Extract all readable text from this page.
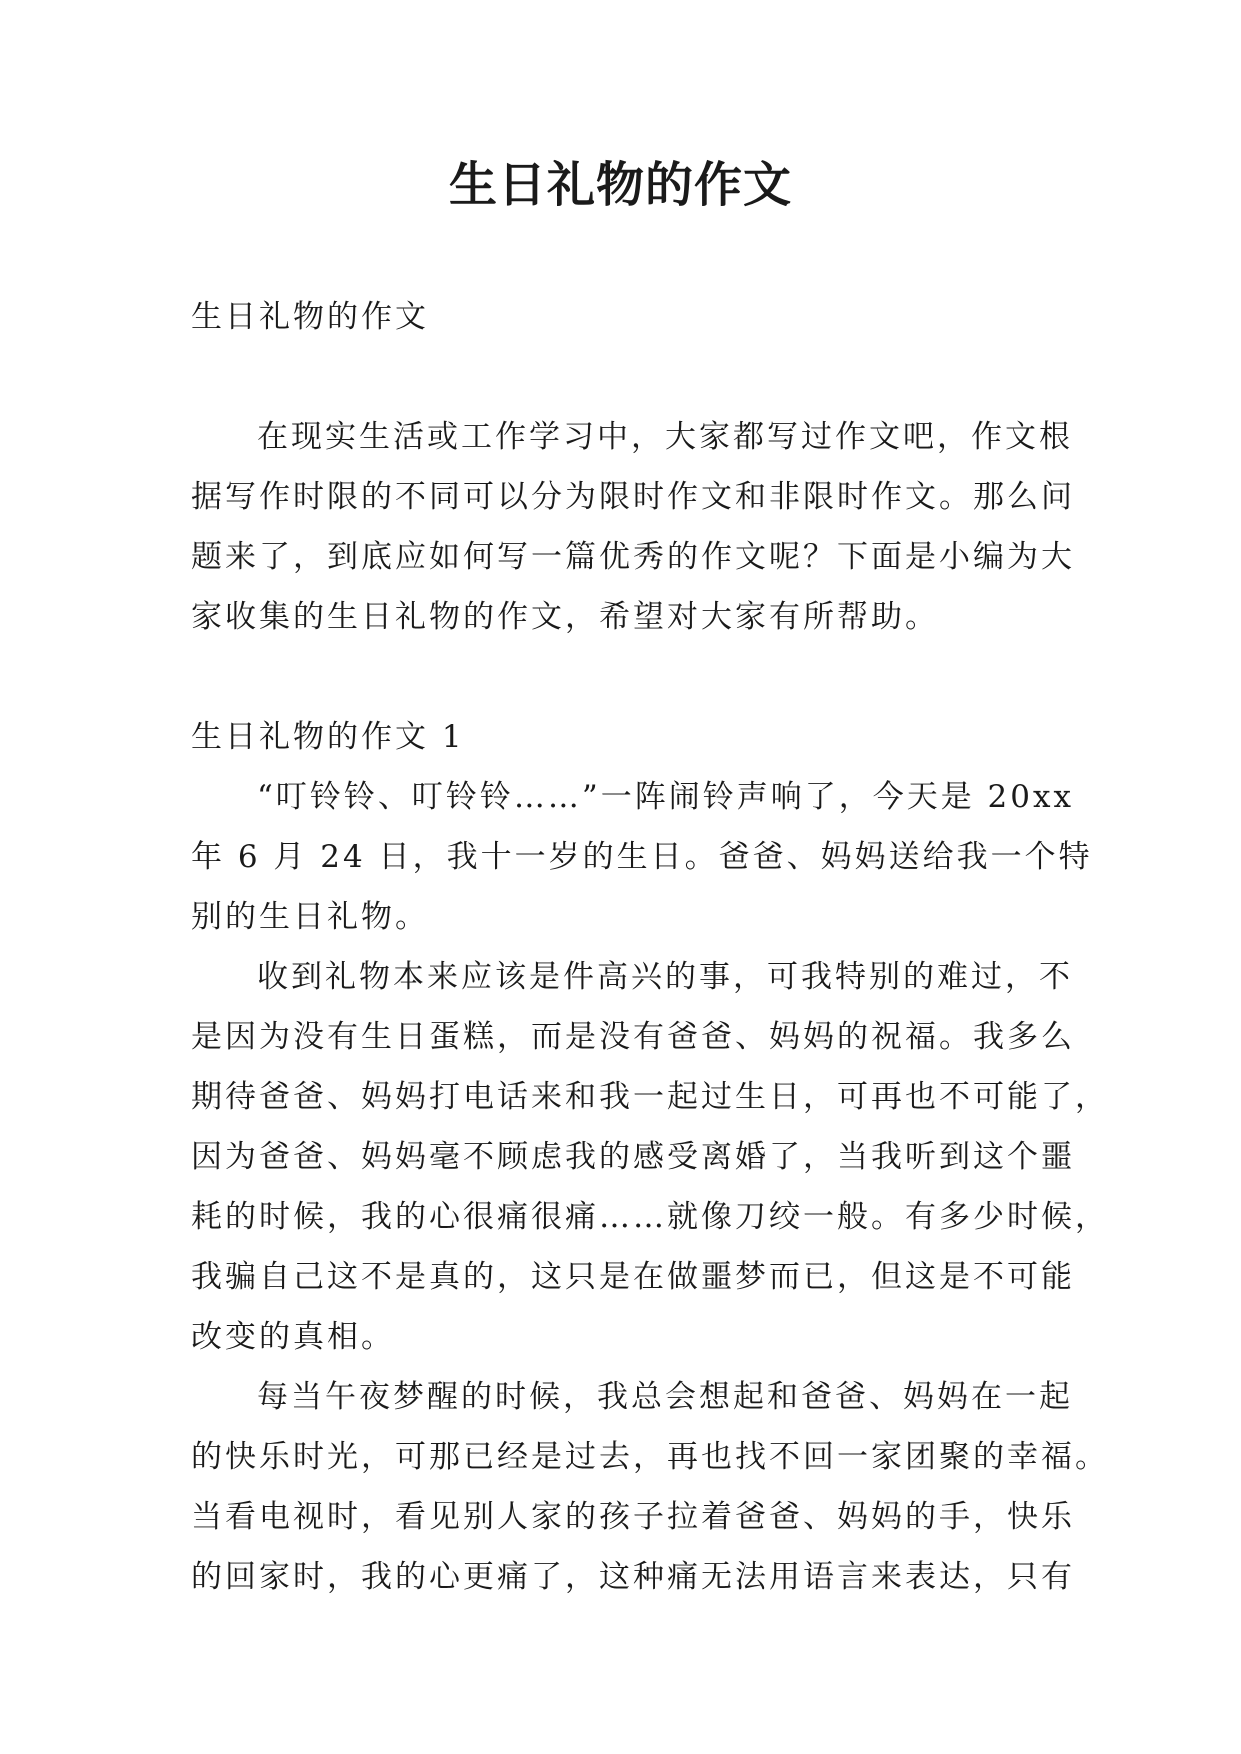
生日礼物的作文

生日礼物的作文

在现实生活或工作学习中，大家都写过作文吧，作文根

据写作时限的不同可以分为限时作文和非限时作文。那么问

题来了，到底应如何写一篇优秀的作文呢？下面是小编为大

家收集的生日礼物的作文，希望对大家有所帮助。

生日礼物的作文 1

“叮铃铃、叮铃铃……”一阵闹铃声响了，今天是 20xx

年 6 月 24 日，我十一岁的生日。爸爸、妈妈送给我一个特

别的生日礼物。

收到礼物本来应该是件高兴的事，可我特别的难过，不

是因为没有生日蛋糕，而是没有爸爸、妈妈的祝福。我多么

期待爸爸、妈妈打电话来和我一起过生日，可再也不可能了，

因为爸爸、妈妈毫不顾虑我的感受离婚了，当我听到这个噩

耗的时候，我的心很痛很痛……就像刀绞一般。有多少时候，

我骗自己这不是真的，这只是在做噩梦而已，但这是不可能

改变的真相。

每当午夜梦醒的时候，我总会想起和爸爸、妈妈在一起

的快乐时光，可那已经是过去，再也找不回一家团聚的幸福。

当看电视时，看见别人家的孩子拉着爸爸、妈妈的手，快乐

的回家时，我的心更痛了，这种痛无法用语言来表达，只有
